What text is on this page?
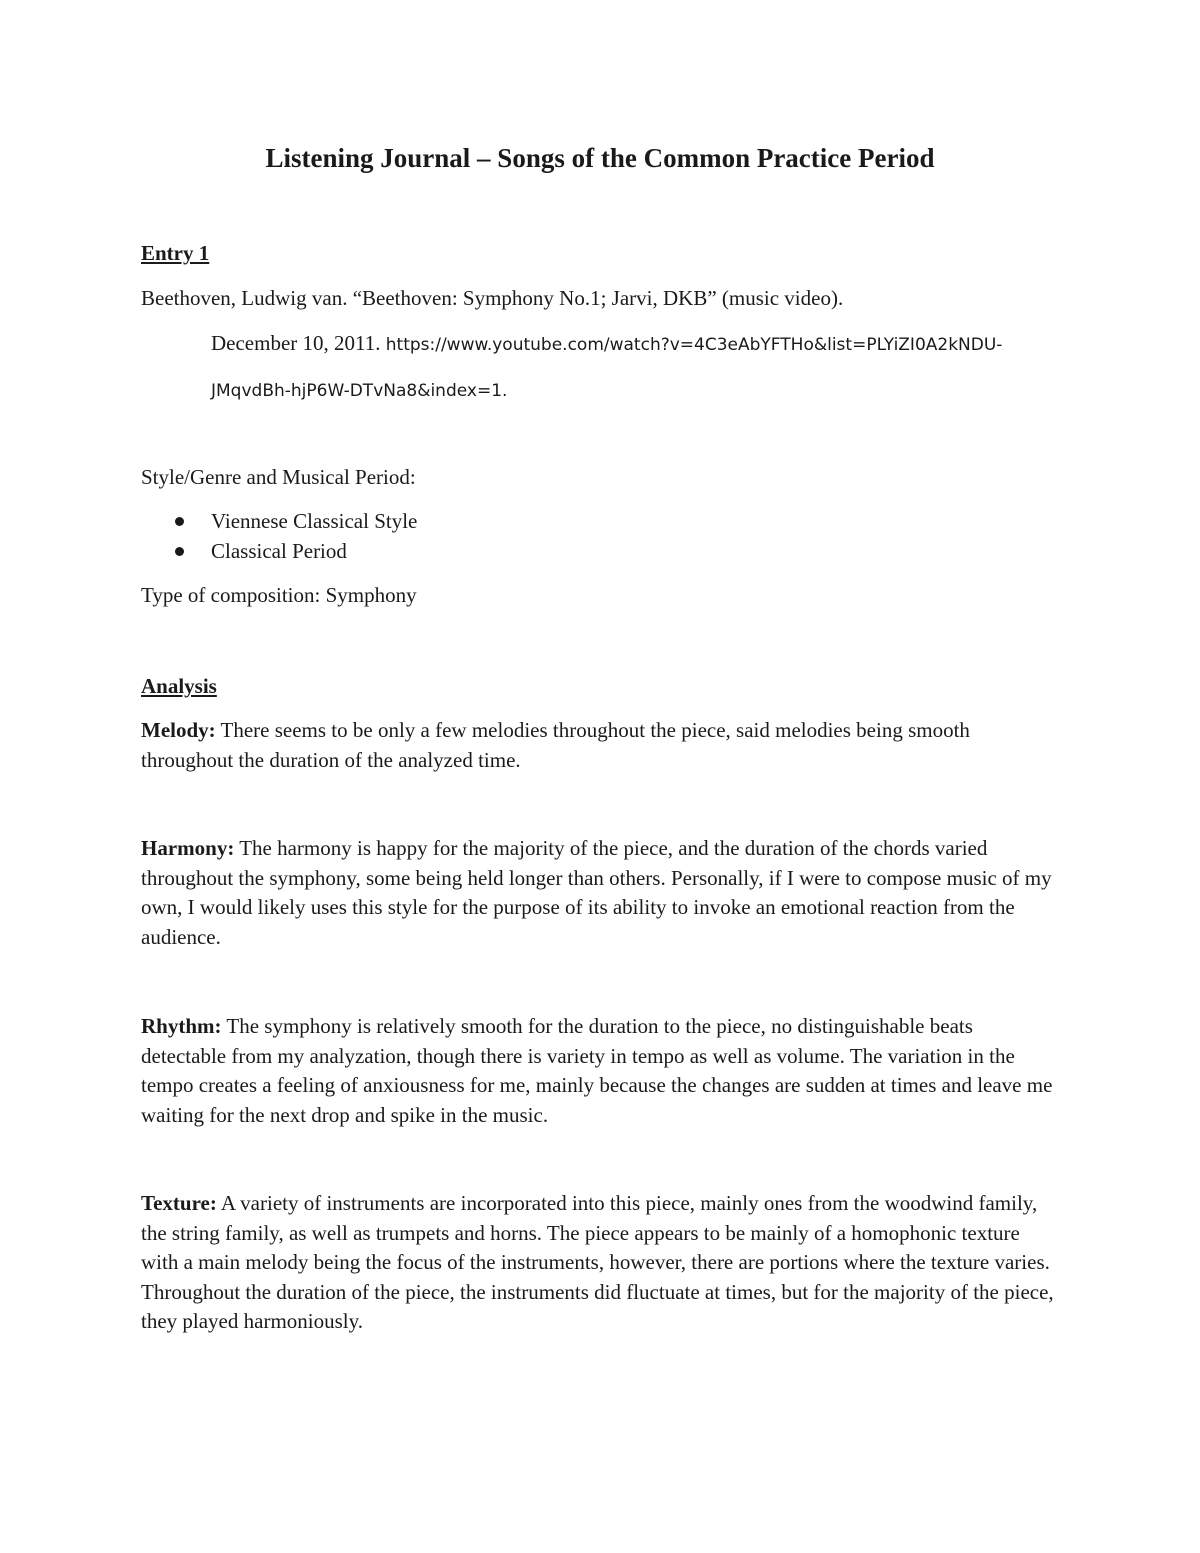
Listening Journal – Songs of the Common Practice Period
Entry 1
Beethoven, Ludwig van. “Beethoven: Symphony No.1; Jarvi, DKB” (music video).
December 10, 2011. https://www.youtube.com/watch?v=4C3eAbYFTHo&list=PLYiZI0A2kNDU-
JMqvdBh-hjP6W-DTvNa8&index=1.
Style/Genre and Musical Period:
Viennese Classical Style
Classical Period
Type of composition: Symphony
Analysis

Melody: There seems to be only a few melodies throughout the piece, said melodies being smooth throughout the duration of the analyzed time.

Harmony: The harmony is happy for the majority of the piece, and the duration of the chords varied throughout the symphony, some being held longer than others. Personally, if I were to compose music of my own, I would likely uses this style for the purpose of its ability to invoke an emotional reaction from the audience.

Rhythm: The symphony is relatively smooth for the duration to the piece, no distinguishable beats detectable from my analyzation, though there is variety in tempo as well as volume. The variation in the tempo creates a feeling of anxiousness for me, mainly because the changes are sudden at times and leave me waiting for the next drop and spike in the music.

Texture: A variety of instruments are incorporated into this piece, mainly ones from the woodwind family, the string family, as well as trumpets and horns. The piece appears to be mainly of a homophonic texture with a main melody being the focus of the instruments, however, there are portions where the texture varies. Throughout the duration of the piece, the instruments did fluctuate at times, but for the majority of the piece, they played harmoniously.
